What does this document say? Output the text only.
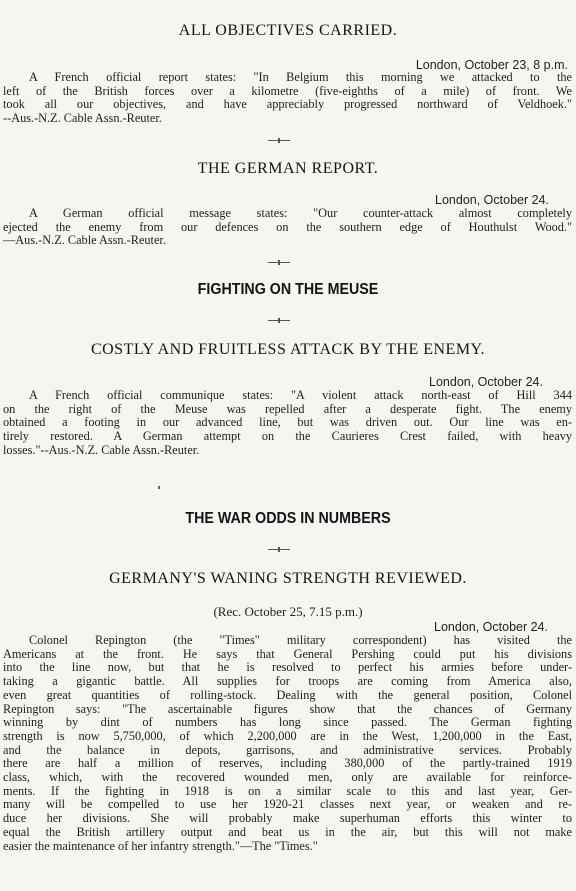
ALL OBJECTIVES CARRIED.
London, October 23, 8 p.m.
A French official report states: "In Belgium this morning we attacked to the
left of the British forces over a kilometre (five-eighths of a mile) of front. We
took all our objectives, and have appreciably progressed northward of Veldhoek."
--Aus.-N.Z. Cable Assn.-Reuter.
THE GERMAN REPORT.
London, October 24.
A German official message states: "Our counter-attack almost completely
ejected the enemy from our defences on the southern edge of Houthulst Wood."
—Aus.-N.Z. Cable Assn.-Reuter.
FIGHTING ON THE MEUSE
COSTLY AND FRUITLESS ATTACK BY THE ENEMY.
London, October 24.
A French official communique states: "A violent attack north-east of Hill 344
on the right of the Meuse was repelled after a desperate fight. The enemy
obtained a footing in our advanced line, but was driven out. Our line was en-
tirely restored. A German attempt on the Caurieres Crest failed, with heavy
losses."--Aus.-N.Z. Cable Assn.-Reuter.
THE WAR ODDS IN NUMBERS
GERMANY'S WANING STRENGTH REVIEWED.
(Rec. October 25, 7.15 p.m.)
London, October 24.
Colonel Repington (the "Times" military correspondent) has visited the
Americans at the front. He says that General Pershing could put his divisions
into the line now, but that he is resolved to perfect his armies before under-
taking a gigantic battle. All supplies for troops are coming from America also,
even great quantities of rolling-stock. Dealing with the general position, Colonel
Repington says: "The ascertainable figures show that the chances of Germany
winning by dint of numbers has long since passed. The German fighting
strength is now 5,750,000, of which 2,200,000 are in the West, 1,200,000 in the East,
and the balance in depots, garrisons, and administrative services. Probably
there are half a million of reserves, including 380,000 of the partly-trained 1919
class, which, with the recovered wounded men, only are available for reinforce-
ments. If the fighting in 1918 is on a similar scale to this and last year, Ger-
many will be compelled to use her 1920-21 classes next year, or weaken and re-
duce her divisions. She will probably make superhuman efforts this winter to
equal the British artillery output and beat us in the air, but this will not make
easier the maintenance of her infantry strength."—The "Times."
